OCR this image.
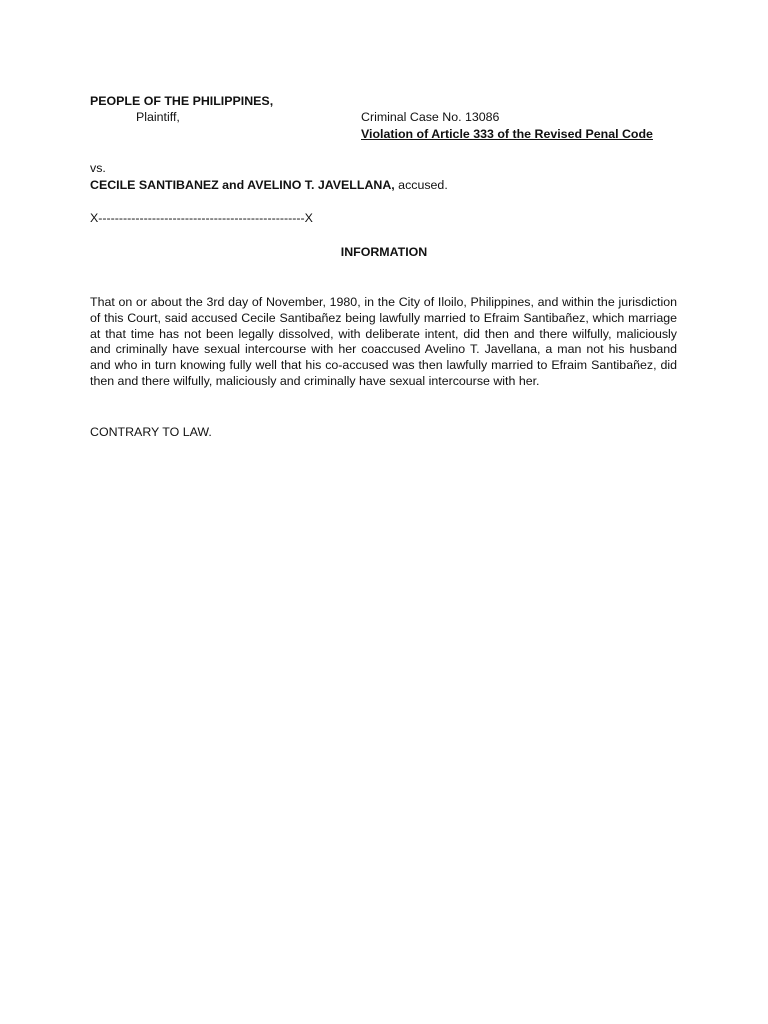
PEOPLE OF THE PHILIPPINES,
Plaintiff,	Criminal Case No. 13086
Violation of Article 333 of the Revised Penal Code
vs.
CECILE SANTIBANEZ and AVELINO T. JAVELLANA, accused.
X--------------------------------------------------X
INFORMATION
That on or about the 3rd day of November, 1980, in the City of Iloilo, Philippines, and within the jurisdiction of this Court, said accused Cecile Santibañez being lawfully married to Efraim Santibañez, which marriage at that time has not been legally dissolved, with deliberate intent, did then and there wilfully, maliciously and criminally have sexual intercourse with her coaccused Avelino T. Javellana, a man not his husband and who in turn knowing fully well that his co-accused was then lawfully married to Efraim Santibañez, did then and there wilfully, maliciously and criminally have sexual intercourse with her.
CONTRARY TO LAW.
